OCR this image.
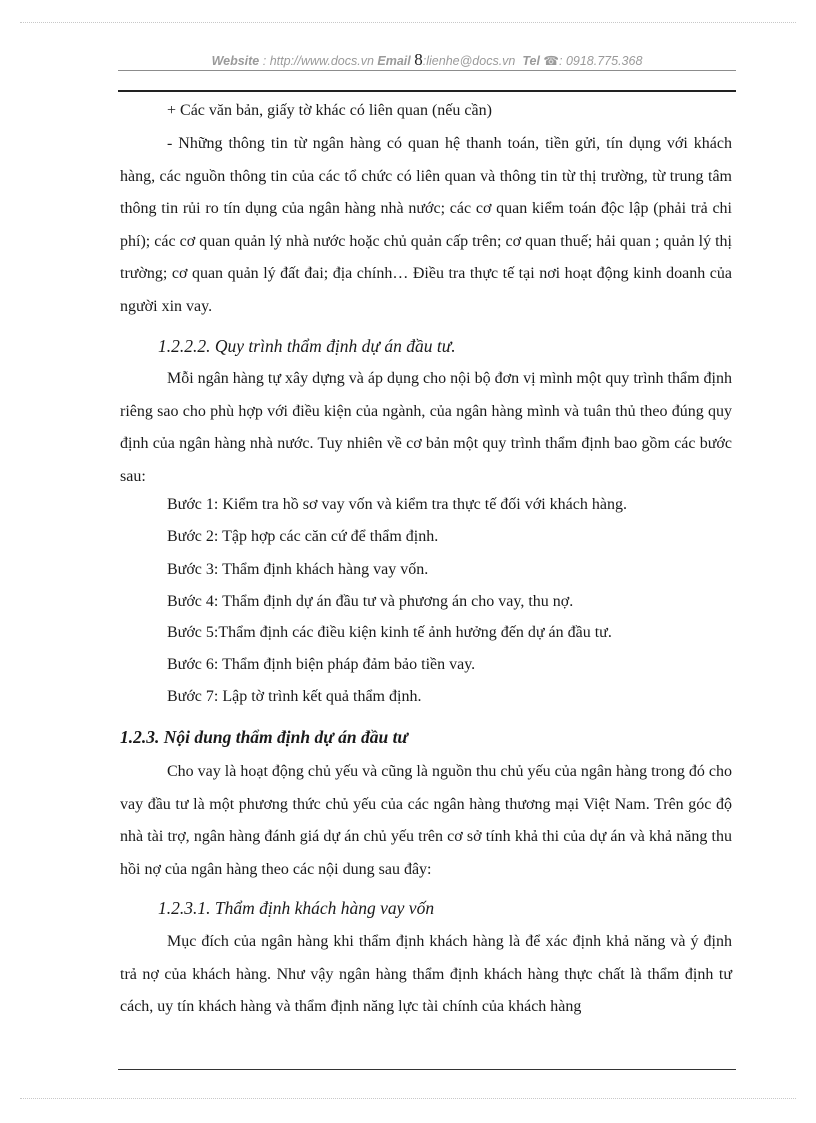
Website : http://www.docs.vn Email 8:lienhe@docs.vn Tel ☎: 0918.775.368

+ Các văn bản, giấy tờ khác có liên quan (nếu cần)

- Những thông tin từ ngân hàng có quan hệ thanh toán, tiền gửi, tín dụng với khách hàng, các nguồn thông tin của các tổ chức có liên quan và thông tin từ thị trường, từ trung tâm thông tin rủi ro tín dụng của ngân hàng nhà nước; các cơ quan kiểm toán độc lập (phải trả chi phí); các cơ quan quản lý nhà nước hoặc chủ quản cấp trên; cơ quan thuế; hải quan ; quản lý thị trường; cơ quan quản lý đất đai; địa chính… Điều tra thực tế tại nơi hoạt động kinh doanh của người xin vay.

1.2.2.2. Quy trình thẩm định dự án đầu tư.

Mỗi ngân hàng tự xây dựng và áp dụng cho nội bộ đơn vị mình một quy trình thẩm định riêng sao cho phù hợp với điều kiện của ngành, của ngân hàng mình và tuân thủ theo đúng quy định của ngân hàng nhà nước. Tuy nhiên về cơ bản một quy trình thẩm định bao gồm các bước sau:

Bước 1: Kiểm tra hồ sơ vay vốn và kiểm tra thực tế đối với khách hàng.

Bước 2: Tập hợp các căn cứ để thẩm định.

Bước 3: Thẩm định khách hàng vay vốn.

Bước 4: Thẩm định dự án đầu tư và phương án cho vay, thu nợ.

Bước 5:Thẩm định các điều kiện kinh tế ảnh hưởng đến dự án đầu tư.

Bước 6: Thẩm định biện pháp đảm bảo tiền vay.

Bước 7: Lập tờ trình kết quả thẩm định.

1.2.3. Nội dung thẩm định dự án đầu tư

Cho vay là hoạt động chủ yếu và cũng là nguồn thu chủ yếu của ngân hàng trong đó cho vay đầu tư là một phương thức chủ yếu của các ngân hàng thương mại Việt Nam. Trên góc độ nhà tài trợ, ngân hàng đánh giá dự án chủ yếu trên cơ sở tính khả thi của dự án và khả năng thu hồi nợ của ngân hàng theo các nội dung sau đây:

1.2.3.1. Thẩm định khách hàng vay vốn

Mục đích của ngân hàng khi thẩm định khách hàng là để xác định khả năng và ý định trả nợ của khách hàng. Như vậy ngân hàng thẩm định khách hàng thực chất là thẩm định tư cách, uy tín khách hàng và thẩm định năng lực tài chính của khách hàng
